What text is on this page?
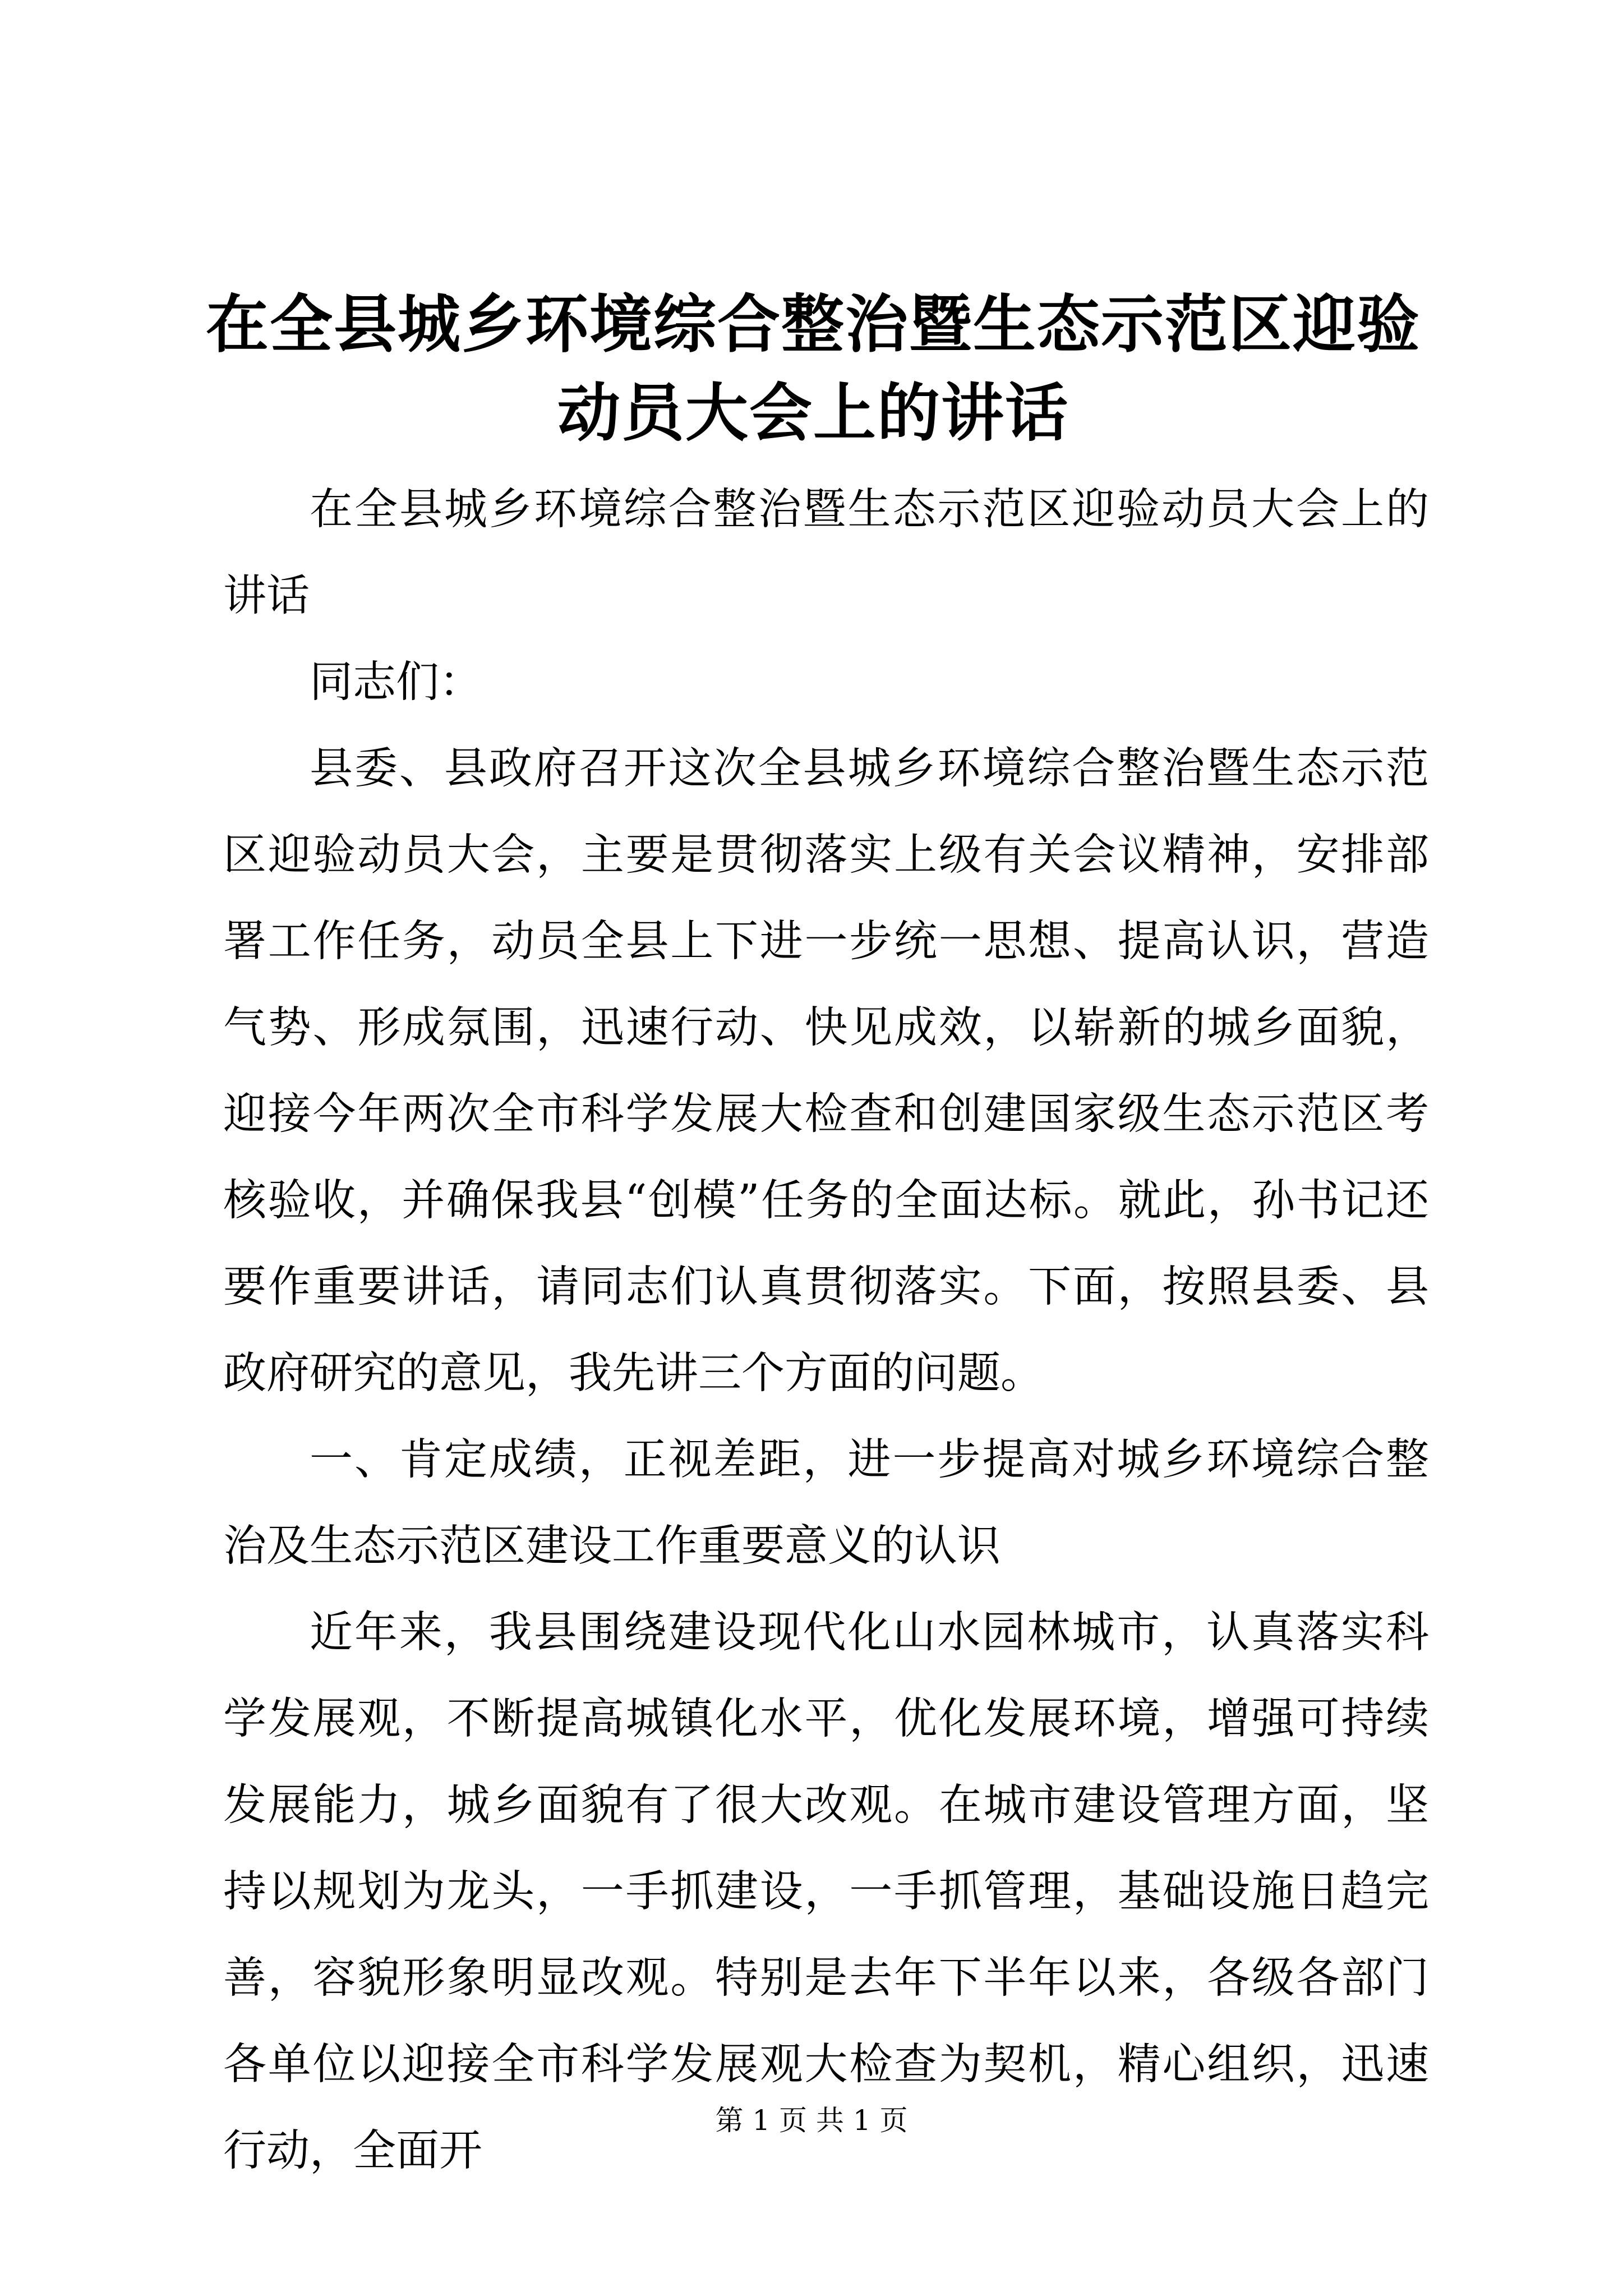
在全县城乡环境综合整治暨生态示范区迎验动员大会上的讲话

在全县城乡环境综合整治暨生态示范区迎验动员大会上的讲话

同志们：

县委、县政府召开这次全县城乡环境综合整治暨生态示范区迎验动员大会，主要是贯彻落实上级有关会议精神，安排部署工作任务，动员全县上下进一步统一思想、提高认识，营造气势、形成氛围，迅速行动、快见成效，以崭新的城乡面貌，迎接今年两次全市科学发展大检查和创建国家级生态示范区考核验收，并确保我县“创模”任务的全面达标。就此，孙书记还要作重要讲话，请同志们认真贯彻落实。下面，按照县委、县政府研究的意见，我先讲三个方面的问题。

一、肯定成绩，正视差距，进一步提高对城乡环境综合整治及生态示范区建设工作重要意义的认识

近年来，我县围绕建设现代化山水园林城市，认真落实科学发展观，不断提高城镇化水平，优化发展环境，增强可持续发展能力，城乡面貌有了很大改观。在城市建设管理方面，坚持以规划为龙头，一手抓建设，一手抓管理，基础设施日趋完善，容貌形象明显改观。特别是去年下半年以来，各级各部门各单位以迎接全市科学发展观大检查为契机，精心组织，迅速行动，全面开

第 1 页 共 1 页
